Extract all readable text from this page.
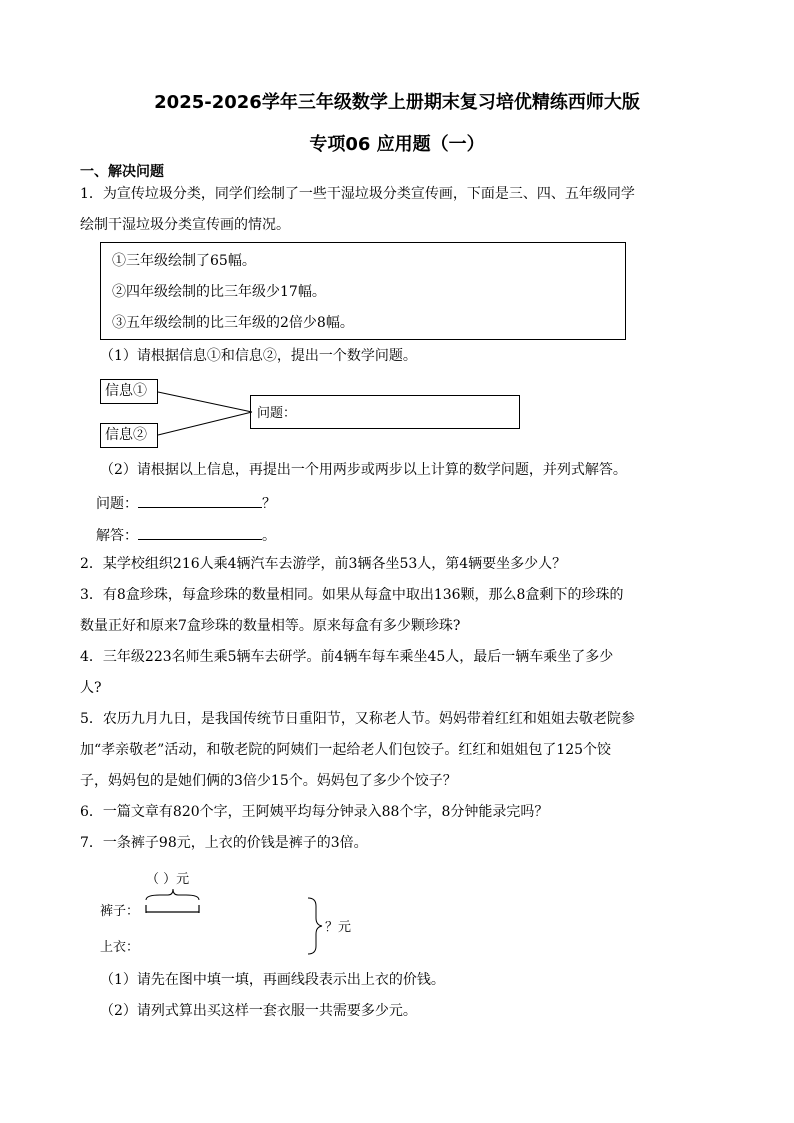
2025-2026学年三年级数学上册期末复习培优精练西师大版
专项06 应用题（一）
一、解决问题
1．为宣传垃圾分类，同学们绘制了一些干湿垃圾分类宣传画，下面是三、四、五年级同学
绘制干湿垃圾分类宣传画的情况。
①三年级绘制了65幅。
②四年级绘制的比三年级少17幅。
③五年级绘制的比三年级的2倍少8幅。
（1）请根据信息①和信息②，提出一个数学问题。
信息①
信息②
问题：
（2）请根据以上信息，再提出一个用两步或两步以上计算的数学问题，并列式解答。
问题：	？
解答：	。
2．某学校组织216人乘4辆汽车去游学，前3辆各坐53人，第4辆要坐多少人？
3．有8盒珍珠，每盒珍珠的数量相同。如果从每盒中取出136颗，那么8盒剩下的珍珠的
数量正好和原来7盒珍珠的数量相等。原来每盒有多少颗珍珠?
4．三年级223名师生乘5辆车去研学。前4辆车每车乘坐45人，最后一辆车乘坐了多少
人?
5．农历九月九日，是我国传统节日重阳节，又称老人节。妈妈带着红红和姐姐去敬老院参
加“孝亲敬老”活动，和敬老院的阿姨们一起给老人们包饺子。红红和姐姐包了125个饺
子，妈妈包的是她们俩的3倍少15个。妈妈包了多少个饺子？
6．一篇文章有820个字，王阿姨平均每分钟录入88个字，8分钟能录完吗？
7．一条裤子98元，上衣的价钱是裤子的3倍。
（ ）元
裤子：
上衣：
？元
（1）请先在图中填一填，再画线段表示出上衣的价钱。
（2）请列式算出买这样一套衣服一共需要多少元。
